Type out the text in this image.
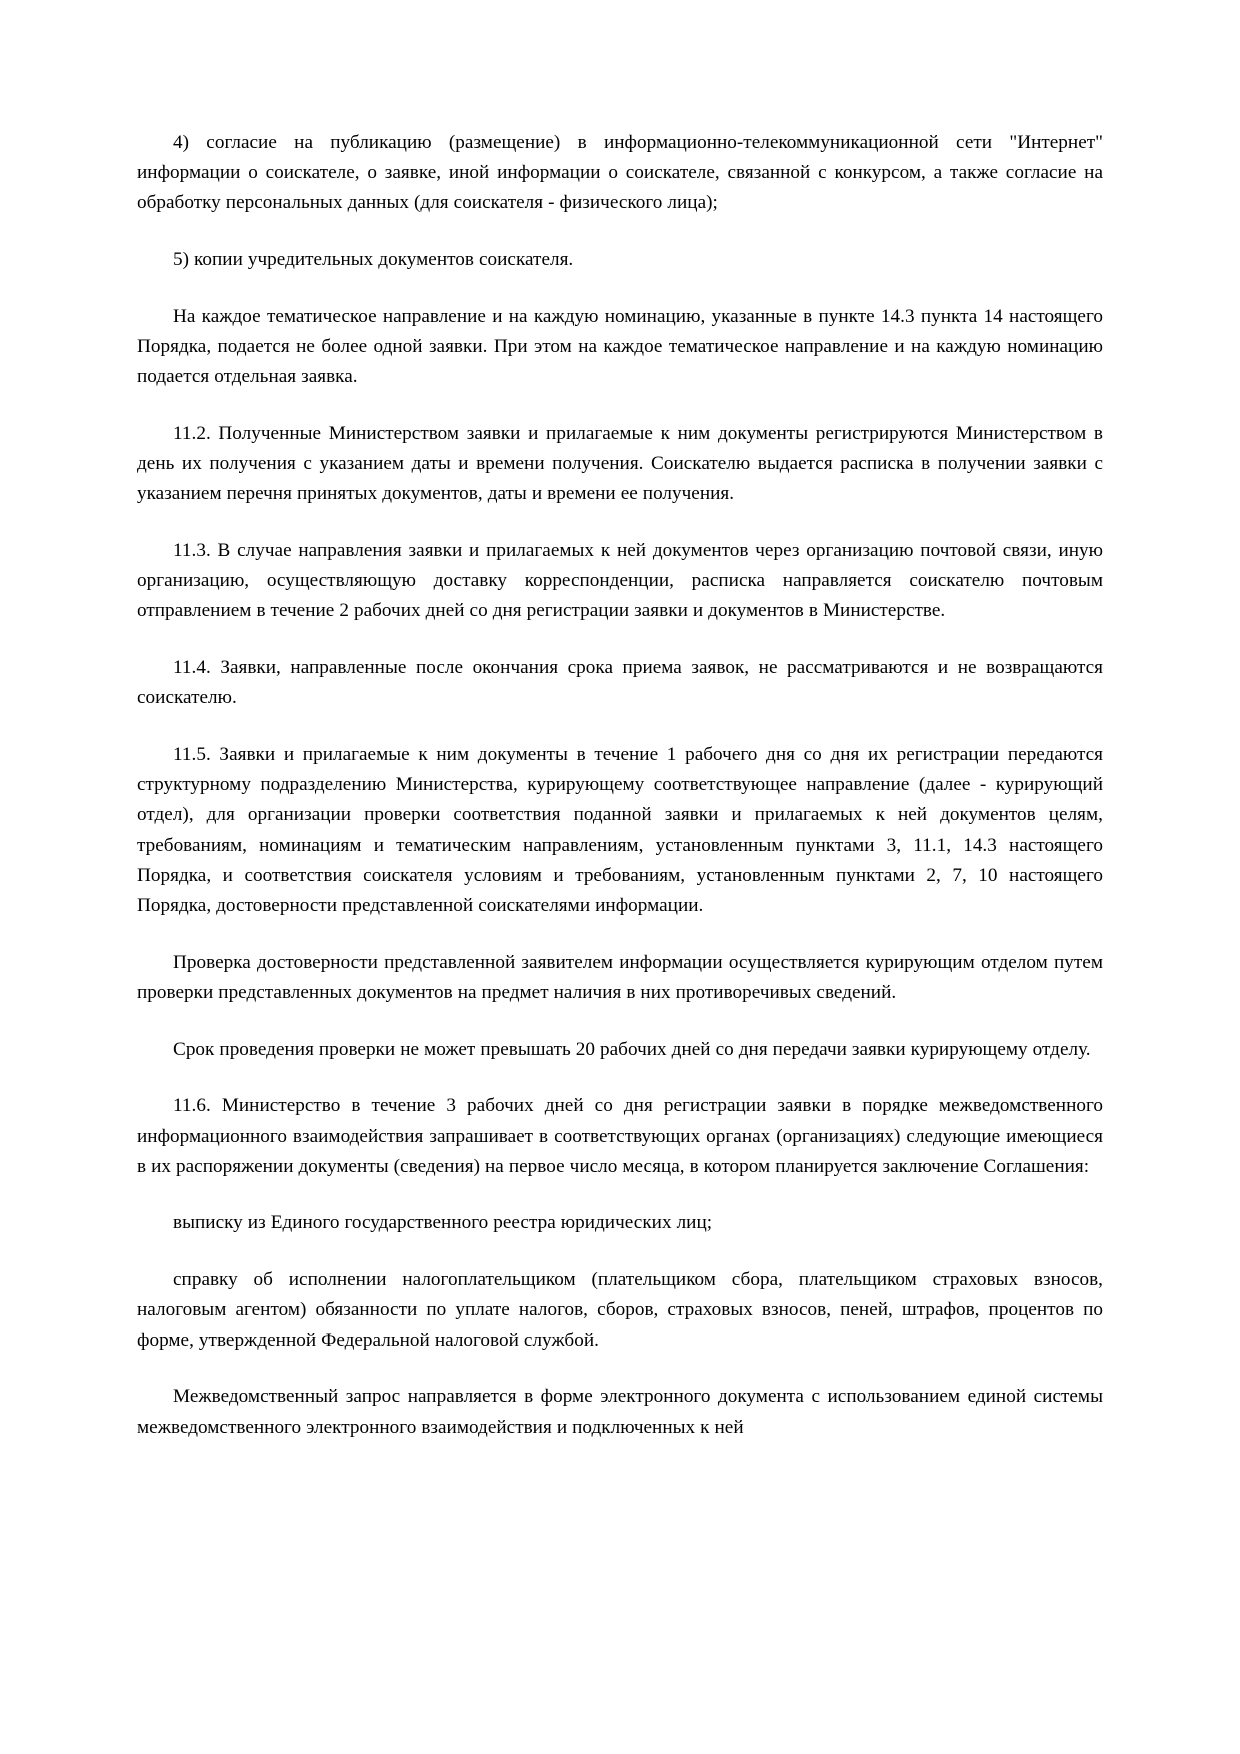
4) согласие на публикацию (размещение) в информационно-телекоммуникационной сети "Интернет" информации о соискателе, о заявке, иной информации о соискателе, связанной с конкурсом, а также согласие на обработку персональных данных (для соискателя - физического лица);

5) копии учредительных документов соискателя.

На каждое тематическое направление и на каждую номинацию, указанные в пункте 14.3 пункта 14 настоящего Порядка, подается не более одной заявки. При этом на каждое тематическое направление и на каждую номинацию подается отдельная заявка.

11.2. Полученные Министерством заявки и прилагаемые к ним документы регистрируются Министерством в день их получения с указанием даты и времени получения. Соискателю выдается расписка в получении заявки с указанием перечня принятых документов, даты и времени ее получения.

11.3. В случае направления заявки и прилагаемых к ней документов через организацию почтовой связи, иную организацию, осуществляющую доставку корреспонденции, расписка направляется соискателю почтовым отправлением в течение 2 рабочих дней со дня регистрации заявки и документов в Министерстве.

11.4. Заявки, направленные после окончания срока приема заявок, не рассматриваются и не возвращаются соискателю.

11.5. Заявки и прилагаемые к ним документы в течение 1 рабочего дня со дня их регистрации передаются структурному подразделению Министерства, курирующему соответствующее направление (далее - курирующий отдел), для организации проверки соответствия поданной заявки и прилагаемых к ней документов целям, требованиям, номинациям и тематическим направлениям, установленным пунктами 3, 11.1, 14.3 настоящего Порядка, и соответствия соискателя условиям и требованиям, установленным пунктами 2, 7, 10 настоящего Порядка, достоверности представленной соискателями информации.

Проверка достоверности представленной заявителем информации осуществляется курирующим отделом путем проверки представленных документов на предмет наличия в них противоречивых сведений.

Срок проведения проверки не может превышать 20 рабочих дней со дня передачи заявки курирующему отделу.

11.6. Министерство в течение 3 рабочих дней со дня регистрации заявки в порядке межведомственного информационного взаимодействия запрашивает в соответствующих органах (организациях) следующие имеющиеся в их распоряжении документы (сведения) на первое число месяца, в котором планируется заключение Соглашения:

выписку из Единого государственного реестра юридических лиц;

справку об исполнении налогоплательщиком (плательщиком сбора, плательщиком страховых взносов, налоговым агентом) обязанности по уплате налогов, сборов, страховых взносов, пеней, штрафов, процентов по форме, утвержденной Федеральной налоговой службой.

Межведомственный запрос направляется в форме электронного документа с использованием единой системы межведомственного электронного взаимодействия и подключенных к ней
